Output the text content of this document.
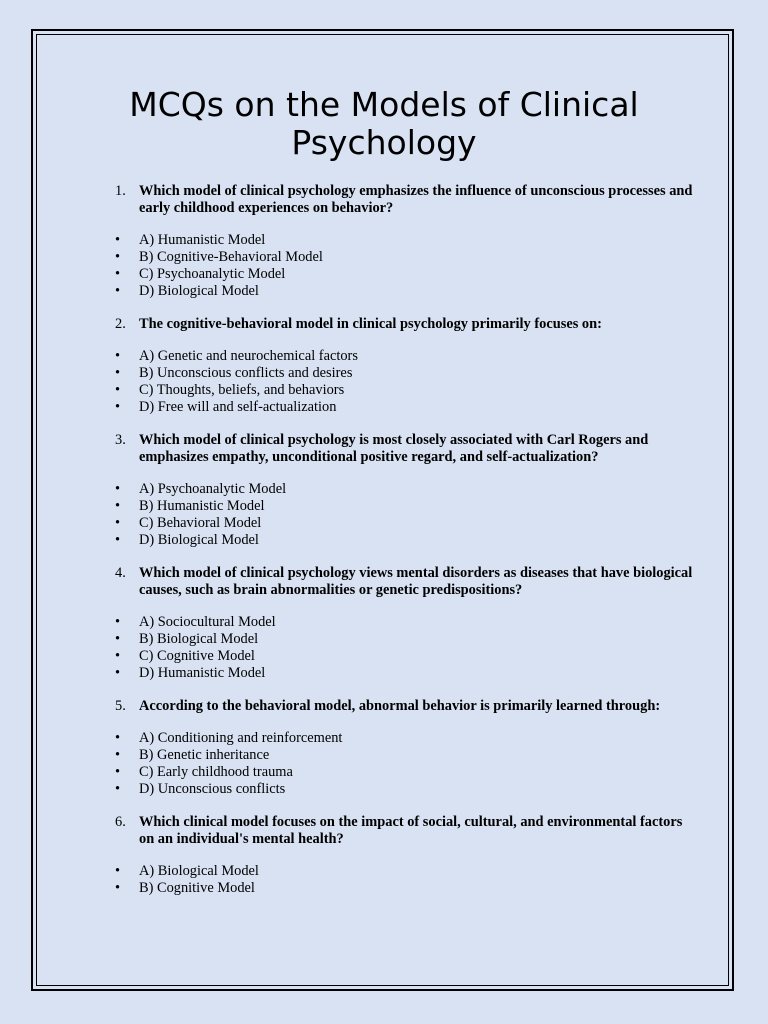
MCQs on the Models of Clinical Psychology

1. Which model of clinical psychology emphasizes the influence of unconscious processes and early childhood experiences on behavior?

• A) Humanistic Model
• B) Cognitive-Behavioral Model
• C) Psychoanalytic Model
• D) Biological Model

2. The cognitive-behavioral model in clinical psychology primarily focuses on:

• A) Genetic and neurochemical factors
• B) Unconscious conflicts and desires
• C) Thoughts, beliefs, and behaviors
• D) Free will and self-actualization

3. Which model of clinical psychology is most closely associated with Carl Rogers and emphasizes empathy, unconditional positive regard, and self-actualization?

• A) Psychoanalytic Model
• B) Humanistic Model
• C) Behavioral Model
• D) Biological Model

4. Which model of clinical psychology views mental disorders as diseases that have biological causes, such as brain abnormalities or genetic predispositions?

• A) Sociocultural Model
• B) Biological Model
• C) Cognitive Model
• D) Humanistic Model

5. According to the behavioral model, abnormal behavior is primarily learned through:

• A) Conditioning and reinforcement
• B) Genetic inheritance
• C) Early childhood trauma
• D) Unconscious conflicts

6. Which clinical model focuses on the impact of social, cultural, and environmental factors on an individual's mental health?

• A) Biological Model
• B) Cognitive Model
